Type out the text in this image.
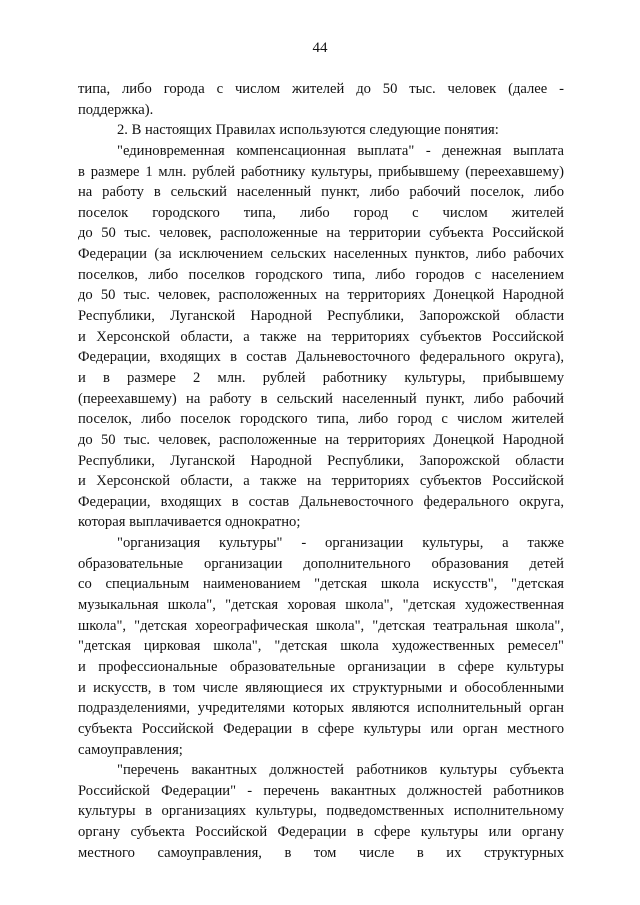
44
типа, либо города с числом жителей до 50 тыс. человек (далее -
поддержка).
2. В настоящих Правилах используются следующие понятия:
"единовременная компенсационная выплата" - денежная выплата
в размере 1 млн. рублей работнику культуры, прибывшему (переехавшему)
на работу в сельский населенный пункт, либо рабочий поселок, либо
поселок городского типа, либо город с числом жителей
до 50 тыс. человек, расположенные на территории субъекта Российской
Федерации (за исключением сельских населенных пунктов, либо рабочих
поселков, либо поселков городского типа, либо городов с населением
до 50 тыс. человек, расположенных на территориях Донецкой Народной
Республики, Луганской Народной Республики, Запорожской области
и Херсонской области, а также на территориях субъектов Российской
Федерации, входящих в состав Дальневосточного федерального округа),
и в размере 2 млн. рублей работнику культуры, прибывшему
(переехавшему) на работу в сельский населенный пункт, либо рабочий
поселок, либо поселок городского типа, либо город с числом жителей
до 50 тыс. человек, расположенные на территориях Донецкой Народной
Республики, Луганской Народной Республики, Запорожской области
и Херсонской области, а также на территориях субъектов Российской
Федерации, входящих в состав Дальневосточного федерального округа,
которая выплачивается однократно;
"организация культуры" - организации культуры, а также
образовательные организации дополнительного образования детей
со специальным наименованием "детская школа искусств", "детская
музыкальная школа", "детская хоровая школа", "детская художественная
школа", "детская хореографическая школа", "детская театральная школа",
"детская цирковая школа", "детская школа художественных ремесел"
и профессиональные образовательные организации в сфере культуры
и искусств, в том числе являющиеся их структурными и обособленными
подразделениями, учредителями которых являются исполнительный орган
субъекта Российской Федерации в сфере культуры или орган местного
самоуправления;
"перечень вакантных должностей работников культуры субъекта
Российской Федерации" - перечень вакантных должностей работников
культуры в организациях культуры, подведомственных исполнительному
органу субъекта Российской Федерации в сфере культуры или органу
местного самоуправления, в том числе в их структурных
